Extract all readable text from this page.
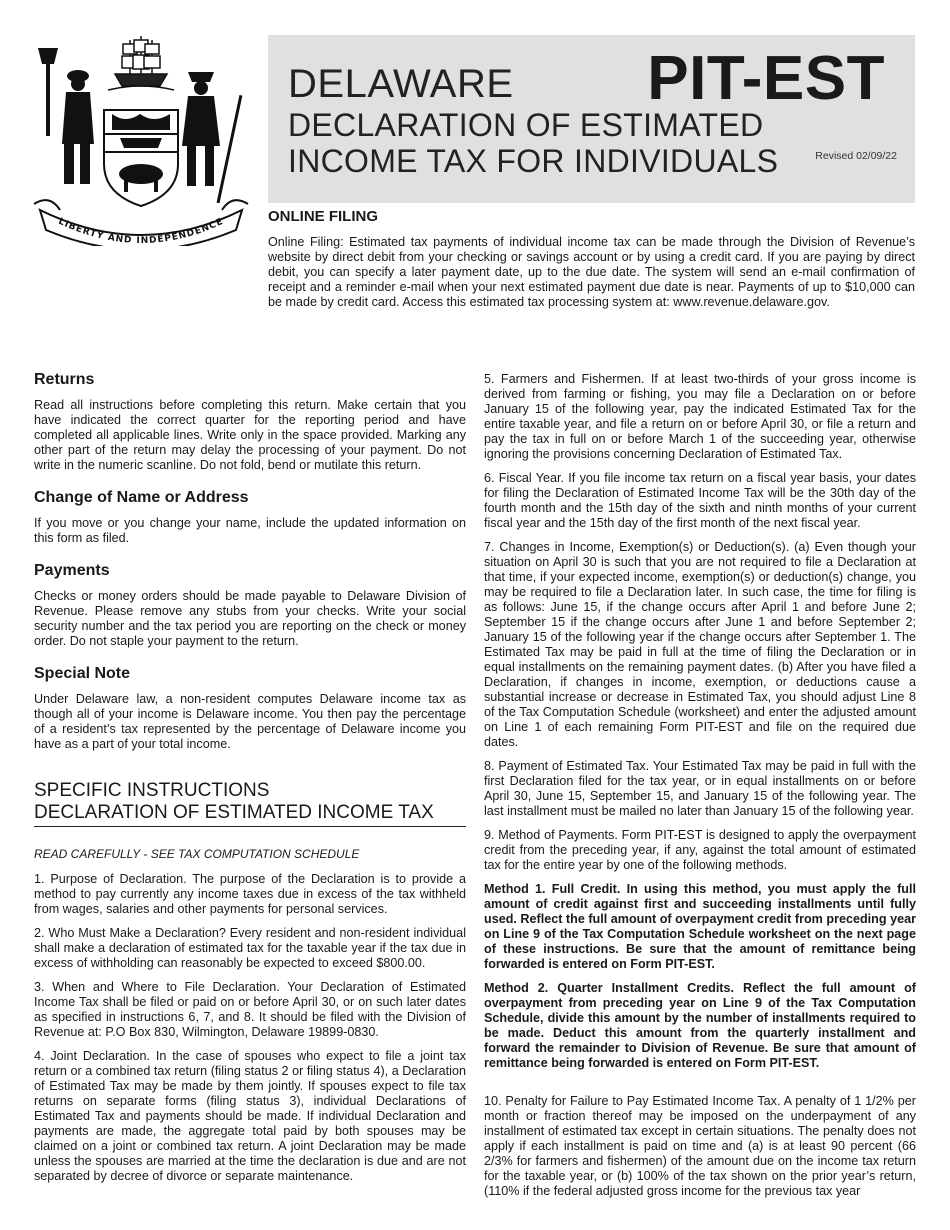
LIBERTY AND INDEPENDENCE
DELAWARE
DECLARATION OF ESTIMATED
INCOME TAX FOR INDIVIDUALS
PIT-EST
Revised 02/09/22
ONLINE FILING

Online Filing: Estimated tax payments of individual income tax can be made through the Division of Revenue’s website by direct debit from your checking or savings account or by using a credit card. If you are paying by direct debit, you can specify a later payment date, up to the due date. The system will send an e-mail confirmation of receipt and a reminder e-mail when your next estimated payment due date is near. Payments of up to $10,000 can be made by credit card. Access this estimated tax processing system at: www.revenue.delaware.gov.

Returns

Read all instructions before completing this return. Make certain that you have indicated the correct quarter for the reporting period and have completed all applicable lines. Write only in the space provided. Marking any other part of the return may delay the processing of your payment. Do not write in the numeric scanline. Do not fold, bend or mutilate this return.

Change of Name or Address

If you move or you change your name, include the updated information on this form as filed.

Payments

Checks or money orders should be made payable to Delaware Division of Revenue. Please remove any stubs from your checks. Write your social security number and the tax period you are reporting on the check or money order. Do not staple your payment to the return.

Special Note

Under Delaware law, a non-resident computes Delaware income tax as though all of your income is Delaware income. You then pay the percentage of a resident’s tax represented by the percentage of Delaware income you have as a part of your total income.

SPECIFIC INSTRUCTIONS
DECLARATION OF ESTIMATED INCOME TAX

READ CAREFULLY - SEE TAX COMPUTATION SCHEDULE

1. Purpose of Declaration. The purpose of the Declaration is to provide a method to pay currently any income taxes due in excess of the tax withheld from wages, salaries and other payments for personal services.

2. Who Must Make a Declaration? Every resident and non-resident individual shall make a declaration of estimated tax for the taxable year if the tax due in excess of withholding can reasonably be expected to exceed $800.00.

3. When and Where to File Declaration. Your Declaration of Estimated Income Tax shall be filed or paid on or before April 30, or on such later dates as specified in instructions 6, 7, and 8. It should be filed with the Division of Revenue at: P.O Box 830, Wilmington, Delaware 19899-0830.

4. Joint Declaration. In the case of spouses who expect to file a joint tax return or a combined tax return (filing status 2 or filing status 4), a Declaration of Estimated Tax may be made by them jointly. If spouses expect to file tax returns on separate forms (filing status 3), individual Declarations of Estimated Tax and payments should be made. If individual Declaration and payments are made, the aggregate total paid by both spouses may be claimed on a joint or combined tax return. A joint Declaration may be made unless the spouses are married at the time the declaration is due and are not separated by decree of divorce or separate maintenance.

5. Farmers and Fishermen. If at least two-thirds of your gross income is derived from farming or fishing, you may file a Declaration on or before January 15 of the following year, pay the indicated Estimated Tax for the entire taxable year, and file a return on or before April 30, or file a return and pay the tax in full on or before March 1 of the succeeding year, otherwise ignoring the provisions concerning Declaration of Estimated Tax.

6. Fiscal Year. If you file income tax return on a fiscal year basis, your dates for filing the Declaration of Estimated Income Tax will be the 30th day of the fourth month and the 15th day of the sixth and ninth months of your current fiscal year and the 15th day of the first month of the next fiscal year.

7. Changes in Income, Exemption(s) or Deduction(s). (a) Even though your situation on April 30 is such that you are not required to file a Declaration at that time, if your expected income, exemption(s) or deduction(s) change, you may be required to file a Declaration later. In such case, the time for filing is as follows: June 15, if the change occurs after April 1 and before June 2; September 15 if the change occurs after June 1 and before September 2; January 15 of the following year if the change occurs after September 1. The Estimated Tax may be paid in full at the time of filing the Declaration or in equal installments on the remaining payment dates. (b) After you have filed a Declaration, if changes in income, exemption, or deductions cause a substantial increase or decrease in Estimated Tax, you should adjust Line 8 of the Tax Computation Schedule (worksheet) and enter the adjusted amount on Line 1 of each remaining Form PIT-EST and file on the required due dates.

8. Payment of Estimated Tax. Your Estimated Tax may be paid in full with the first Declaration filed for the tax year, or in equal installments on or before April 30, June 15, September 15, and January 15 of the following year. The last installment must be mailed no later than January 15 of the following year.

9. Method of Payments. Form PIT-EST is designed to apply the overpayment credit from the preceding year, if any, against the total amount of estimated tax for the entire year by one of the following methods.

Method 1. Full Credit. In using this method, you must apply the full amount of credit against first and succeeding installments until fully used. Reflect the full amount of overpayment credit from preceding year on Line 9 of the Tax Computation Schedule worksheet on the next page of these instructions. Be sure that the amount of remittance being forwarded is entered on Form PIT-EST.

Method 2. Quarter Installment Credits. Reflect the full amount of overpayment from preceding year on Line 9 of the Tax Computation Schedule, divide this amount by the number of installments required to be made. Deduct this amount from the quarterly installment and forward the remainder to Division of Revenue. Be sure that amount of remittance being forwarded is entered on Form PIT-EST.

10. Penalty for Failure to Pay Estimated Income Tax. A penalty of 1 1/2% per month or fraction thereof may be imposed on the underpayment of any installment of estimated tax except in certain situations. The penalty does not apply if each installment is paid on time and (a) is at least 90 percent (66 2/3% for farmers and fishermen) of the amount due on the income tax return for the taxable year, or (b) 100% of the tax shown on the prior year’s return, (110% if the federal adjusted gross income for the previous tax year
